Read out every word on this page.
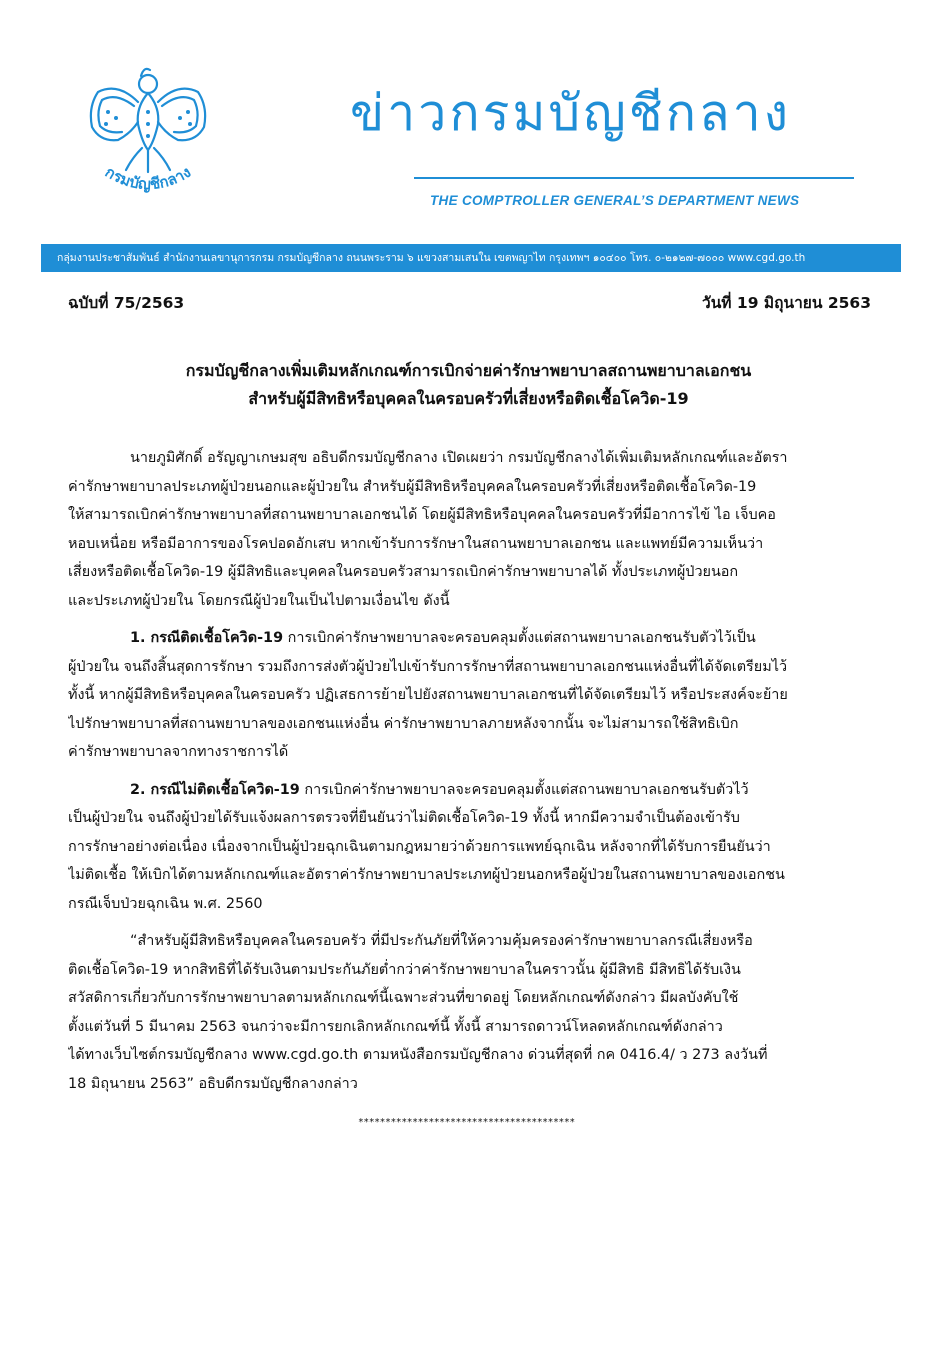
กรมบัญชีกลาง
ข่าวกรมบัญชีกลาง
THE COMPTROLLER GENERAL’S DEPARTMENT NEWS
กลุ่มงานประชาสัมพันธ์ สำนักงานเลขานุการกรม กรมบัญชีกลาง ถนนพระราม ๖ แขวงสามเสนใน เขตพญาไท กรุงเทพฯ ๑๐๔๐๐ โทร. ๐-๒๑๒๗-๗๐๐๐ www.cgd.go.th
ฉบับที่ 75/2563	วันที่ 19 มิถุนายน 2563
กรมบัญชีกลางเพิ่มเติมหลักเกณฑ์การเบิกจ่ายค่ารักษาพยาบาลสถานพยาบาลเอกชน
สำหรับผู้มีสิทธิหรือบุคคลในครอบครัวที่เสี่ยงหรือติดเชื้อโควิด-19
นายภูมิศักดิ์ อรัญญาเกษมสุข อธิบดีกรมบัญชีกลาง เปิดเผยว่า กรมบัญชีกลางได้เพิ่มเติมหลักเกณฑ์และอัตรา
ค่ารักษาพยาบาลประเภทผู้ป่วยนอกและผู้ป่วยใน สำหรับผู้มีสิทธิหรือบุคคลในครอบครัวที่เสี่ยงหรือติดเชื้อโควิด-19
ให้สามารถเบิกค่ารักษาพยาบาลที่สถานพยาบาลเอกชนได้ โดยผู้มีสิทธิหรือบุคคลในครอบครัวที่มีอาการไข้ ไอ เจ็บคอ
หอบเหนื่อย หรือมีอาการของโรคปอดอักเสบ หากเข้ารับการรักษาในสถานพยาบาลเอกชน และแพทย์มีความเห็นว่า
เสี่ยงหรือติดเชื้อโควิด-19 ผู้มีสิทธิและบุคคลในครอบครัวสามารถเบิกค่ารักษาพยาบาลได้ ทั้งประเภทผู้ป่วยนอก
และประเภทผู้ป่วยใน โดยกรณีผู้ป่วยในเป็นไปตามเงื่อนไข ดังนี้
1. กรณีติดเชื้อโควิด-19 การเบิกค่ารักษาพยาบาลจะครอบคลุมตั้งแต่สถานพยาบาลเอกชนรับตัวไว้เป็น
ผู้ป่วยใน จนถึงสิ้นสุดการรักษา รวมถึงการส่งตัวผู้ป่วยไปเข้ารับการรักษาที่สถานพยาบาลเอกชนแห่งอื่นที่ได้จัดเตรียมไว้
ทั้งนี้ หากผู้มีสิทธิหรือบุคคลในครอบครัว ปฏิเสธการย้ายไปยังสถานพยาบาลเอกชนที่ได้จัดเตรียมไว้ หรือประสงค์จะย้าย
ไปรักษาพยาบาลที่สถานพยาบาลของเอกชนแห่งอื่น ค่ารักษาพยาบาลภายหลังจากนั้น จะไม่สามารถใช้สิทธิเบิก
ค่ารักษาพยาบาลจากทางราชการได้
2. กรณีไม่ติดเชื้อโควิด-19 การเบิกค่ารักษาพยาบาลจะครอบคลุมตั้งแต่สถานพยาบาลเอกชนรับตัวไว้
เป็นผู้ป่วยใน จนถึงผู้ป่วยได้รับแจ้งผลการตรวจที่ยืนยันว่าไม่ติดเชื้อโควิด-19 ทั้งนี้ หากมีความจำเป็นต้องเข้ารับ
การรักษาอย่างต่อเนื่อง เนื่องจากเป็นผู้ป่วยฉุกเฉินตามกฎหมายว่าด้วยการแพทย์ฉุกเฉิน หลังจากที่ได้รับการยืนยันว่า
ไม่ติดเชื้อ ให้เบิกได้ตามหลักเกณฑ์และอัตราค่ารักษาพยาบาลประเภทผู้ป่วยนอกหรือผู้ป่วยในสถานพยาบาลของเอกชน
กรณีเจ็บป่วยฉุกเฉิน พ.ศ. 2560
“สำหรับผู้มีสิทธิหรือบุคคลในครอบครัว ที่มีประกันภัยที่ให้ความคุ้มครองค่ารักษาพยาบาลกรณีเสี่ยงหรือ
ติดเชื้อโควิด-19 หากสิทธิที่ได้รับเงินตามประกันภัยต่ำกว่าค่ารักษาพยาบาลในคราวนั้น ผู้มีสิทธิ มีสิทธิได้รับเงิน
สวัสดิการเกี่ยวกับการรักษาพยาบาลตามหลักเกณฑ์นี้เฉพาะส่วนที่ขาดอยู่ โดยหลักเกณฑ์ดังกล่าว มีผลบังคับใช้
ตั้งแต่วันที่ 5 มีนาคม 2563 จนกว่าจะมีการยกเลิกหลักเกณฑ์นี้ ทั้งนี้ สามารถดาวน์โหลดหลักเกณฑ์ดังกล่าว
ได้ทางเว็บไซต์กรมบัญชีกลาง www.cgd.go.th ตามหนังสือกรมบัญชีกลาง ด่วนที่สุดที่ กค 0416.4/ ว 273 ลงวันที่
18 มิถุนายน 2563” อธิบดีกรมบัญชีกลางกล่าว
****************************************
